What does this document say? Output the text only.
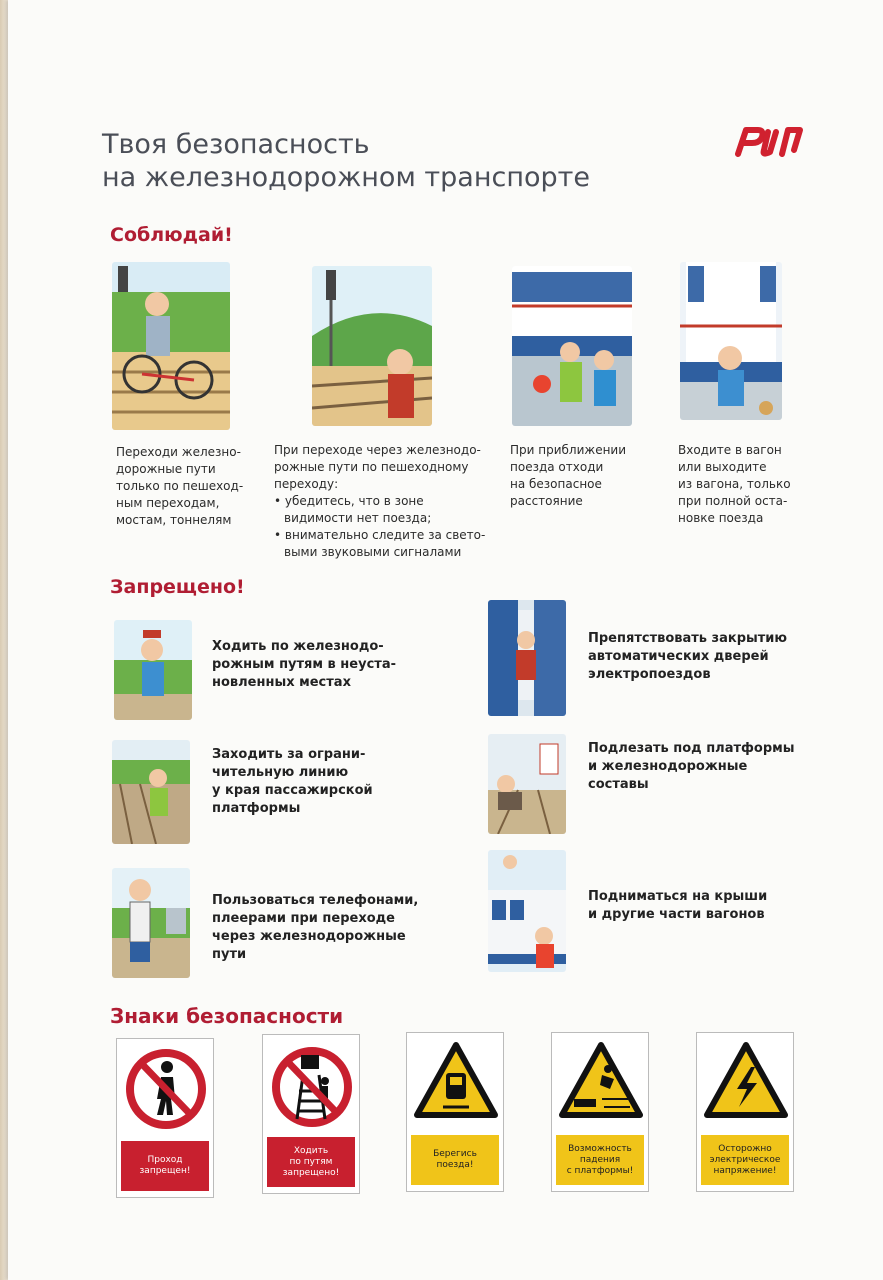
Твоя безопасность
на железнодорожном транспорте
Соблюдай!
Переходи железно-
дорожные пути
только по пешеход-
ным переходам,
мостам, тоннелям
При переходе через железнодо-
рожные пути по пешеходному
переходу:
• убедитесь, что в зоне
видимости нет поезда;
• внимательно следите за свето-
выми звуковыми сигналами
При приближении
поезда отходи
на безопасное
расстояние
Входите в вагон
или выходите
из вагона, только
при полной оста-
новке поезда
Запрещено!
Ходить по железнодо-
рожным путям в неуста-
новленных местах
Заходить за ограни-
чительную линию
у края пассажирской
платформы
Пользоваться телефонами,
плеерами при переходе
через железнодорожные
пути
Препятствовать закрытию
автоматических дверей
электропоездов
Подлезать под платформы
и железнодорожные
составы
Подниматься на крыши
и другие части вагонов
Знаки безопасности
Проход
запрещен!
Ходить
по путям
запрещено!
Берегись
поезда!
Возможность
падения
с платформы!
Осторожно
электрическое
напряжение!
